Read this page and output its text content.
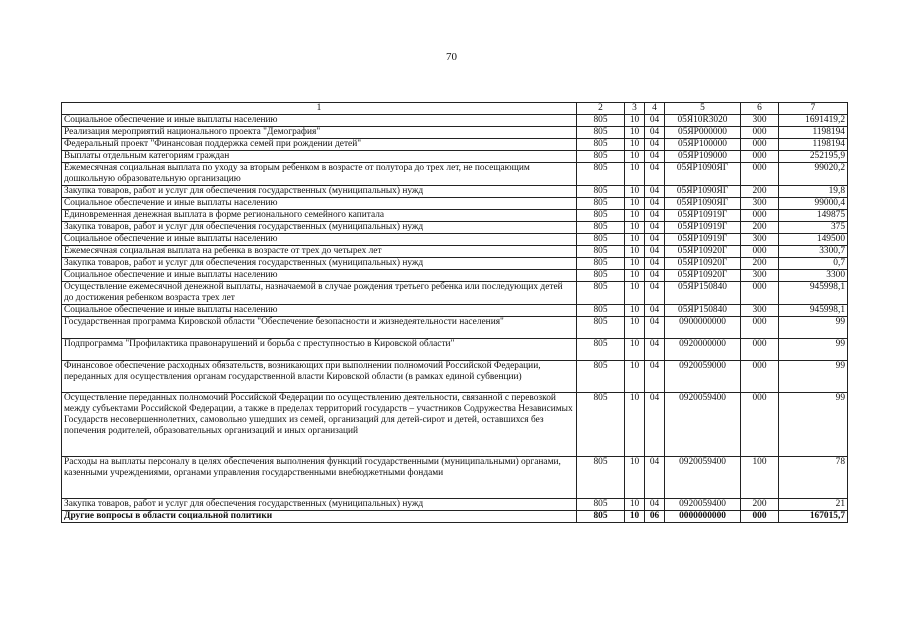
70
1	2	3	4	5	6	7
Социальное обеспечение и иные выплаты населению	805	10	04	05Я10R3020	300	1691419,2
Реализация мероприятий национального проекта "Демография"	805	10	04	05ЯР000000	000	1198194
Федеральный проект "Финансовая поддержка семей при рождении детей"	805	10	04	05ЯР100000	000	1198194
Выплаты отдельным категориям граждан	805	10	04	05ЯР109000	000	252195,9
Ежемесячная социальная выплата по уходу за вторым ребенком в возрасте от полутора до трех лет, не посещающим дошкольную образовательную организацию	805	10	04	05ЯР1090ЯГ	000	99020,2
Закупка товаров, работ и услуг для обеспечения государственных (муниципальных) нужд	805	10	04	05ЯР1090ЯГ	200	19,8
Социальное обеспечение и иные выплаты населению	805	10	04	05ЯР1090ЯГ	300	99000,4
Единовременная денежная выплата в форме регионального семейного капитала	805	10	04	05ЯР10919Г	000	149875
Закупка товаров, работ и услуг для обеспечения государственных (муниципальных) нужд	805	10	04	05ЯР10919Г	200	375
Социальное обеспечение и иные выплаты населению	805	10	04	05ЯР10919Г	300	149500
Ежемесячная социальная выплата на ребенка в возрасте от трех до четырех лет	805	10	04	05ЯР10920Г	000	3300,7
Закупка товаров, работ и услуг для обеспечения государственных (муниципальных) нужд	805	10	04	05ЯР10920Г	200	0,7
Социальное обеспечение и иные выплаты населению	805	10	04	05ЯР10920Г	300	3300
Осуществление ежемесячной денежной выплаты, назначаемой в случае рождения третьего ребенка или последующих детей до достижения ребенком возраста трех лет	805	10	04	05ЯР150840	000	945998,1
Социальное обеспечение и иные выплаты населению	805	10	04	05ЯР150840	300	945998,1
Государственная программа Кировской области "Обеспечение безопасности и жизнедеятельности населения"	805	10	04	0900000000	000	99
Подпрограмма "Профилактика правонарушений и борьба с преступностью в Кировской области"	805	10	04	0920000000	000	99
Финансовое обеспечение расходных обязательств, возникающих при выполнении полномочий Российской Федерации, переданных для осуществления органам государственной власти Кировской области (в рамках единой субвенции)	805	10	04	0920059000	000	99
Осуществление переданных полномочий Российской Федерации по осуществлению деятельности, связанной с перевозкой между субъектами Российской Федерации, а также в пределах территорий государств – участников Содружества Независимых Государств несовершеннолетних, самовольно ушедших из семей, организаций для детей-сирот и детей, оставшихся без попечения родителей, образовательных организаций и иных организаций	805	10	04	0920059400	000	99
Расходы на выплаты персоналу в целях обеспечения выполнения функций государственными (муниципальными) органами, казенными учреждениями, органами управления государственными внебюджетными фондами	805	10	04	0920059400	100	78
Закупка товаров, работ и услуг для обеспечения государственных (муниципальных) нужд	805	10	04	0920059400	200	21
Другие вопросы в области социальной политики	805	10	06	0000000000	000	167015,7
